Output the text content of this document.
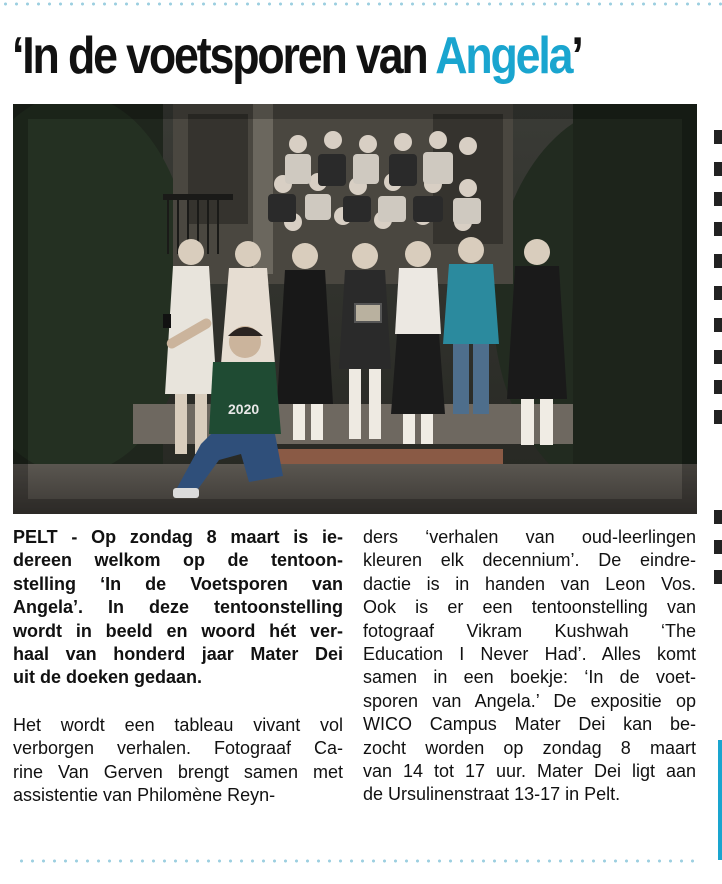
‘In de voetsporen van Angela’
2020

PELT - Op zondag 8 maart is ie-
dereen welkom op de tentoon-
stelling ‘In de Voetsporen van
Angela’. In deze tentoonstelling
wordt in beeld en woord hét ver-
haal van honderd jaar Mater Dei
uit de doeken gedaan.

Het wordt een tableau vivant vol
verborgen verhalen. Fotograaf Ca-
rine Van Gerven brengt samen met
assistentie van Philomène Reyn-

ders ‘verhalen van oud-leerlingen
kleuren elk decennium’. De eindre-
dactie is in handen van Leon Vos.
Ook is er een tentoonstelling van
fotograaf Vikram Kushwah ‘The
Education I Never Had’. Alles komt
samen in een boekje: ‘In de voet-
sporen van Angela.’ De expositie op
WICO Campus Mater Dei kan be-
zocht worden op zondag 8 maart
van 14 tot 17 uur. Mater Dei ligt aan
de Ursulinenstraat 13-17 in Pelt.
